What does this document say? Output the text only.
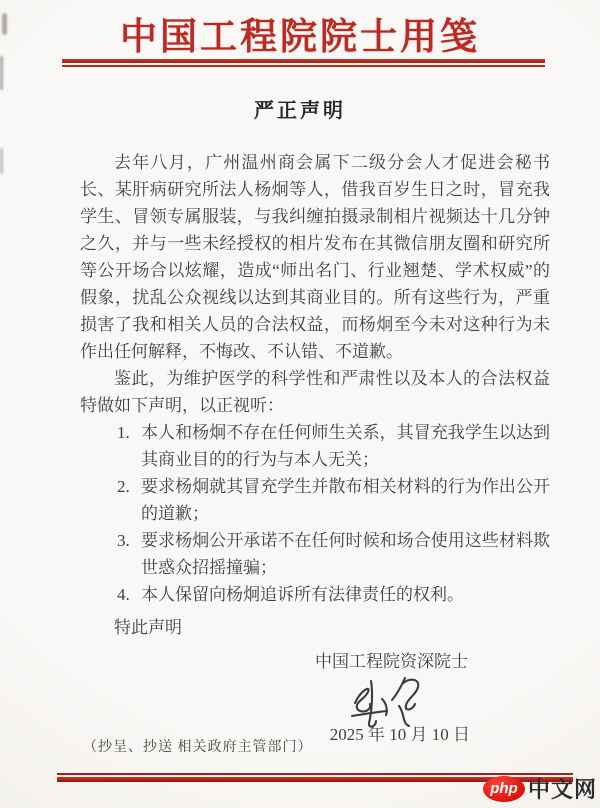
中国工程院院士用笺
严正声明

去年八月，广州温州商会属下二级分会人才促进会秘书长、某肝病研究所法人杨炯等人，借我百岁生日之时，冒充我学生、冒领专属服装，与我纠缠拍摄录制相片视频达十几分钟之久，并与一些未经授权的相片发布在其微信朋友圈和研究所等公开场合以炫耀，造成“师出名门、行业翘楚、学术权威”的假象，扰乱公众视线以达到其商业目的。所有这些行为，严重损害了我和相关人员的合法权益，而杨炯至今未对这种行为未作出任何解释，不悔改、不认错、不道歉。

鉴此，为维护医学的科学性和严肃性以及本人的合法权益特做如下声明，以正视听：

1. 本人和杨炯不存在任何师生关系，其冒充我学生以达到其商业目的的行为与本人无关；
2. 要求杨炯就其冒充学生并散布相关材料的行为作出公开的道歉；
3. 要求杨炯公开承诺不在任何时候和场合使用这些材料欺世惑众招摇撞骗；
4. 本人保留向杨炯追诉所有法律责任的权利。
特此声明
中国工程院资深院士
2025 年 10 月 10 日
（抄呈、抄送 相关政府主管部门）
php 中文网
